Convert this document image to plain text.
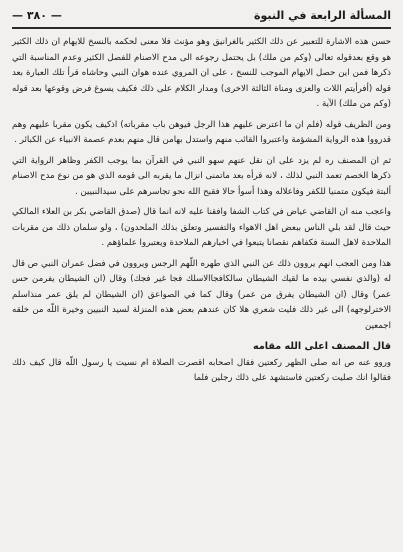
المسألة الرابعة في النبوة
— ٣٨٠ —

حسن هذه الاشارة للتعبير عن ذلك الكثير بالغرانيق وهو مؤنث فلا معنى لحكمه بالنسخ للايهام ان ذلك الكثير هو وقع بعدقوله تعالى (وكم من ملك) بل يحتمل رجوعه الى مدح الاصنام للفصل الكثير وعدم المناسبة التي ذكرها فمن اين حصل الايهام الموجب للنسخ ، على ان المروي عنده هوان النبي وحاشاه قرأ تلك العبارة بعد قوله (أفرأيتم اللات والعزى ومناة الثالثة الاخرى) ومدار الكلام على ذلك فكيف يسوغ فرض وقوعها بعد قوله (وكم من ملك) الآية .

ومن الظريف قوله (فلم ان ما اعترض عليهم هذا الرجل فيوهن باب مقرباته) اذكيف يكون مقربا عليهم وهم قدرووا هذه الرواية المشؤمة واعتبروا القائب منهم واستدل بهامن قال منهم بعدم عصمة الانبياء عن الكبائر .

ثم ان المصنف ره لم يزد على ان نقل عنهم سهو النبي في القرآن بما يوجب الكفر وظاهر الرواية التي ذكرها الخصم تعمد النبي لذلك ، لانه قرأه بعد ماتمنى انزال ما يقربه الى قومه الذي هو من نوع مدح الاصنام ألبتة فيكون متمنيا للكفر وفاعلاله وهذا أسوأ حالا فقبح الله نحو تجاسرهم على سيدالنبيين .

واعجب منه ان القاضي عياض في كتاب الشفا وافقنا عليه لانه انما قال (صدق القاضي بكر بن العلاء المالكي حيث قال لقد بلي الناس ببعض اهل الاهواء والتفسير وتعلق بذلك الملحدون) ، ولو سلمان ذلك من مقربات الملاحدة لاهل السنة فكفاهم نقصانا يتبعوا في اخبارهم الملاحدة ويعتبروا علماؤهم .

هذا ومن العجب انهم يروون ذلك عن النبي الذي طهره اللّهم الرجس ويروون في فضل عمران النبي ص قال له (والذي نفسي بيده ما لقيك الشيطان سالكافجاالاسلك فجا غير فجك) وقال (ان الشيطان يفرمن حس عمر) وقال (ان الشيطان يفرق من عمر) وقال كما في الصواعق (ان الشيطان لم يلق عمر منذاسلم الاخترلوجهه) الى غير ذلك فليت شعري هلا كان عندهم بعض هذه المنزلة لسيد النبيين وخيرة اللّه من خلقه اجمعين

قال المصنف اعلى الله مقامه

وروو عنه ص انه صلى الظهر ركعتين فقال اصحابه اقصرت الصلاة ام نسيت يا رسول اللّه قال كيف ذلك فقالوا انك صليت ركعتين فاستشهد على ذلك رجلين فلما
